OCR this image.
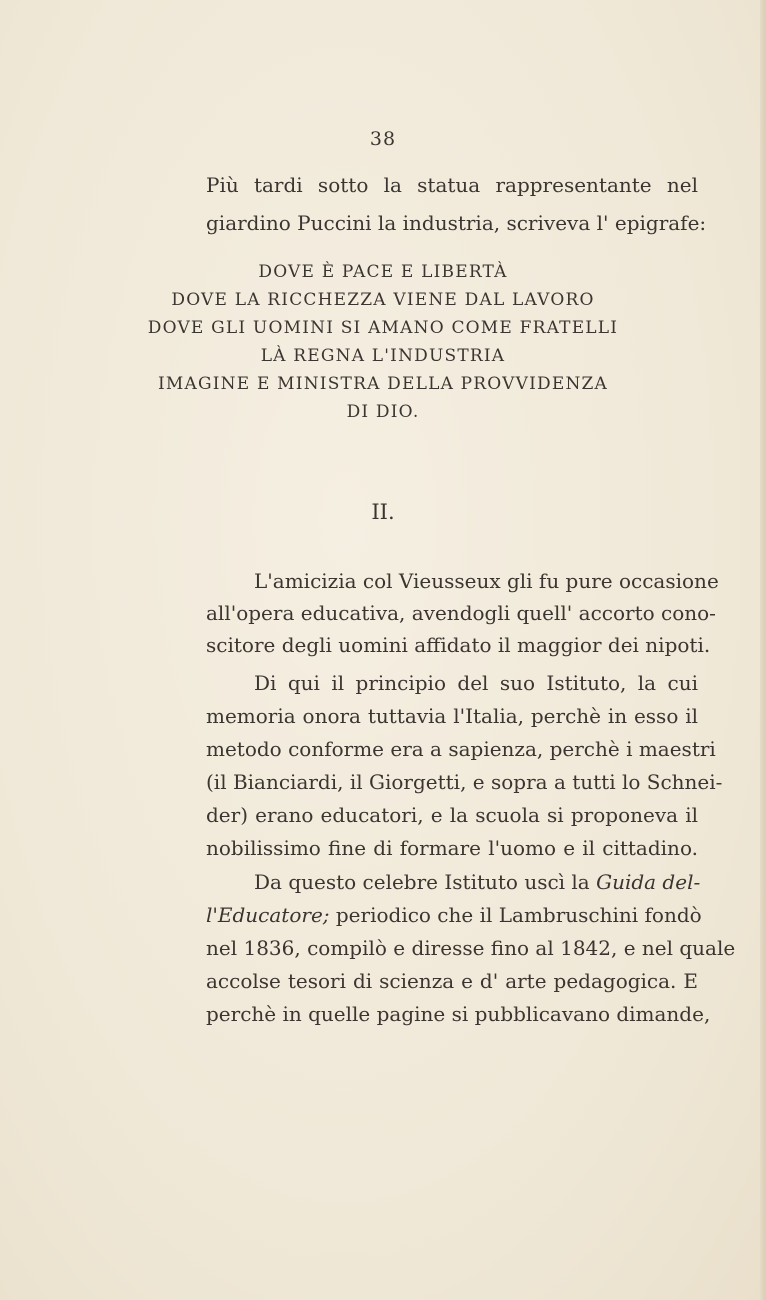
38
Più tardi sotto la statua rappresentante nel
giardino Puccini la industria, scriveva l' epigrafe:
DOVE È PACE E LIBERTÀ
DOVE LA RICCHEZZA VIENE DAL LAVORO
DOVE GLI UOMINI SI AMANO COME FRATELLI
LÀ REGNA L'INDUSTRIA
IMAGINE E MINISTRA DELLA PROVVIDENZA
DI DIO.
II.
L'amicizia col Vieusseux gli fu pure occasione
all'opera educativa, avendogli quell' accorto cono-
scitore degli uomini affidato il maggior dei nipoti.
Di qui il principio del suo Istituto, la cui
memoria onora tuttavia l'Italia, perchè in esso il
metodo conforme era a sapienza, perchè i maestri
(il Bianciardi, il Giorgetti, e sopra a tutti lo Schnei-
der) erano educatori, e la scuola si proponeva il
nobilissimo fine di formare l'uomo e il cittadino.
Da questo celebre Istituto uscì la Guida del-
l'Educatore; periodico che il Lambruschini fondò
nel 1836, compilò e diresse fino al 1842, e nel quale
accolse tesori di scienza e d' arte pedagogica. E
perchè in quelle pagine si pubblicavano dimande,
